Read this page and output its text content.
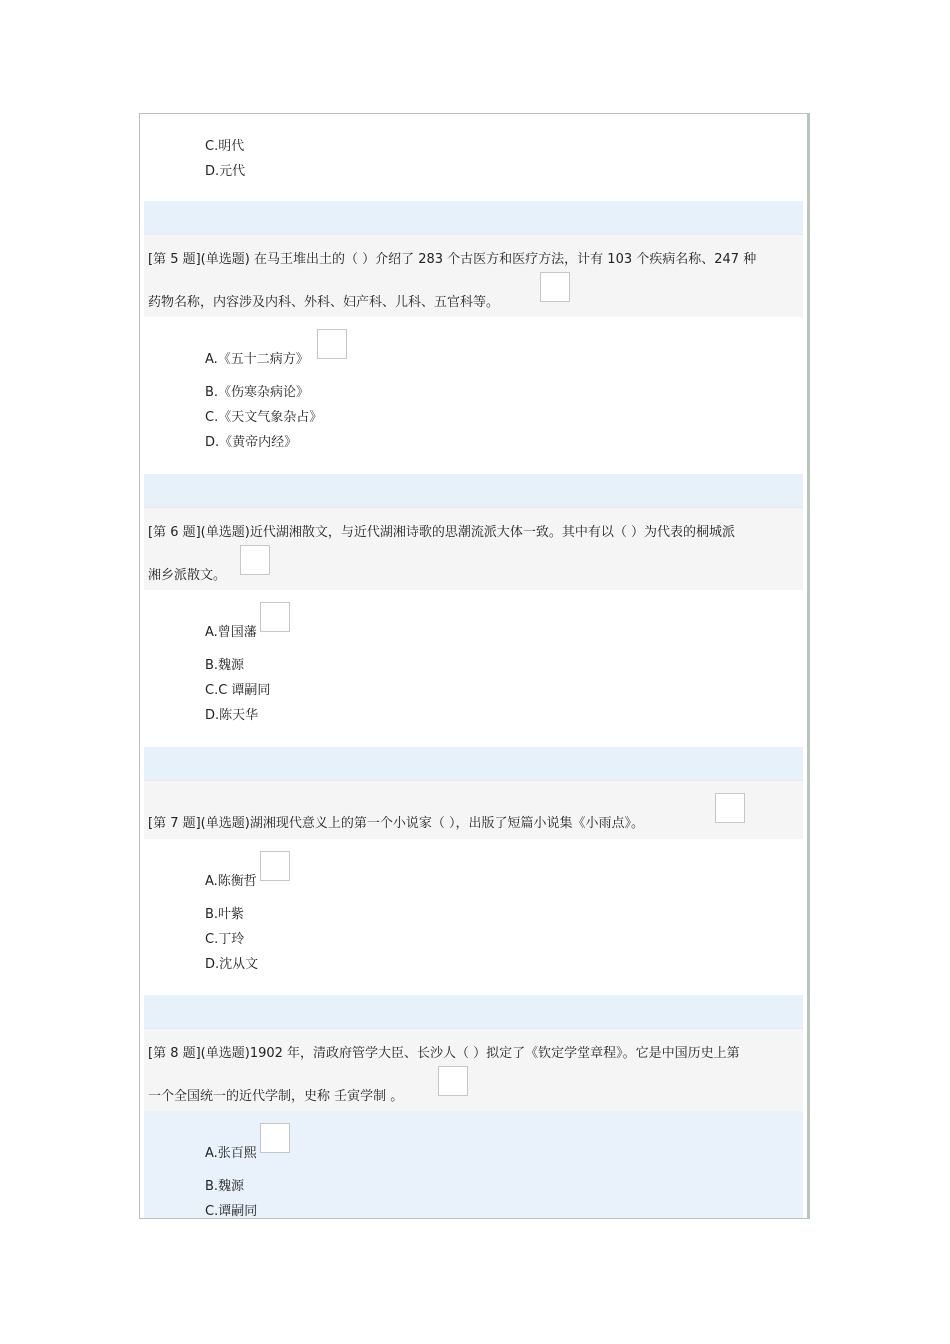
C.明代
D.元代
[第 5 题](单选题) 在马王堆出土的（ ）介绍了 283 个古医方和医疗方法，计有 103 个疾病名称、247 种
药物名称，内容涉及内科、外科、妇产科、儿科、五官科等。
A.《五十二病方》
B.《伤寒杂病论》
C.《天文气象杂占》
D.《黄帝内经》
[第 6 题](单选题)近代湖湘散文，与近代湖湘诗歌的思潮流派大体一致。其中有以（ ）为代表的桐城派
湘乡派散文。
A.曾国藩
B.魏源
C.C 谭嗣同
D.陈天华
[第 7 题](单选题)湖湘现代意义上的第一个小说家（ ），出版了短篇小说集《小雨点》。
A.陈衡哲
B.叶紫
C.丁玲
D.沈从文
[第 8 题](单选题)1902 年，清政府管学大臣、长沙人（ ）拟定了《钦定学堂章程》。它是中国历史上第
一个全国统一的近代学制，史称 壬寅学制 。
A.张百熙
B.魏源
C.谭嗣同
